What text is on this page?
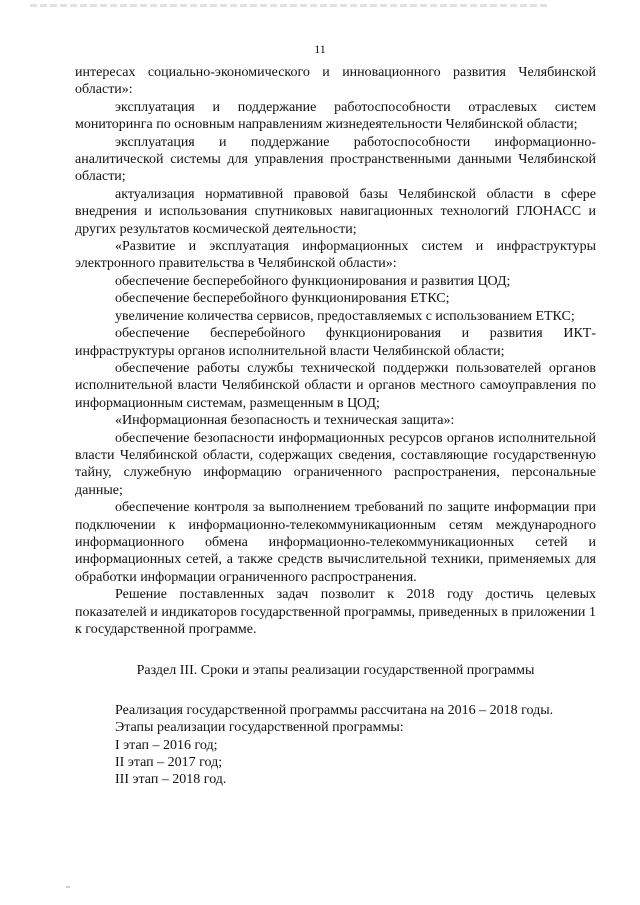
11

интересах социально-экономического и инновационного развития Челябинской области»:

эксплуатация и поддержание работоспособности отраслевых систем мониторинга по основным направлениям жизнедеятельности Челябинской области;

эксплуатация и поддержание работоспособности информационно-аналитической системы для управления пространственными данными Челябинской области;

актуализация нормативной правовой базы Челябинской области в сфере внедрения и использования спутниковых навигационных технологий ГЛОНАСС и других результатов космической деятельности;

«Развитие и эксплуатация информационных систем и инфраструктуры электронного правительства в Челябинской области»:

обеспечение бесперебойного функционирования и развития ЦОД;

обеспечение бесперебойного функционирования ЕТКС;

увеличение количества сервисов, предоставляемых с использованием ЕТКС;

обеспечение бесперебойного функционирования и развития ИКТ-инфраструктуры органов исполнительной власти Челябинской области;

обеспечение работы службы технической поддержки пользователей органов исполнительной власти Челябинской области и органов местного самоуправления по информационным системам, размещенным в ЦОД;

«Информационная безопасность и техническая защита»:

обеспечение безопасности информационных ресурсов органов исполнительной власти Челябинской области, содержащих сведения, составляющие государственную тайну, служебную информацию ограниченного распространения, персональные данные;

обеспечение контроля за выполнением требований по защите информации при подключении к информационно-телекоммуникационным сетям международного информационного обмена информационно-телекоммуникационных сетей и информационных сетей, а также средств вычислительной техники, применяемых для обработки информации ограниченного распространения.

Решение поставленных задач позволит к 2018 году достичь целевых показателей и индикаторов государственной программы, приведенных в приложении 1 к государственной программе.

Раздел III. Сроки и этапы реализации государственной программы

Реализация государственной программы рассчитана на 2016 – 2018 годы.

Этапы реализации государственной программы:

I этап – 2016 год;

II этап – 2017 год;

III этап – 2018 год.
